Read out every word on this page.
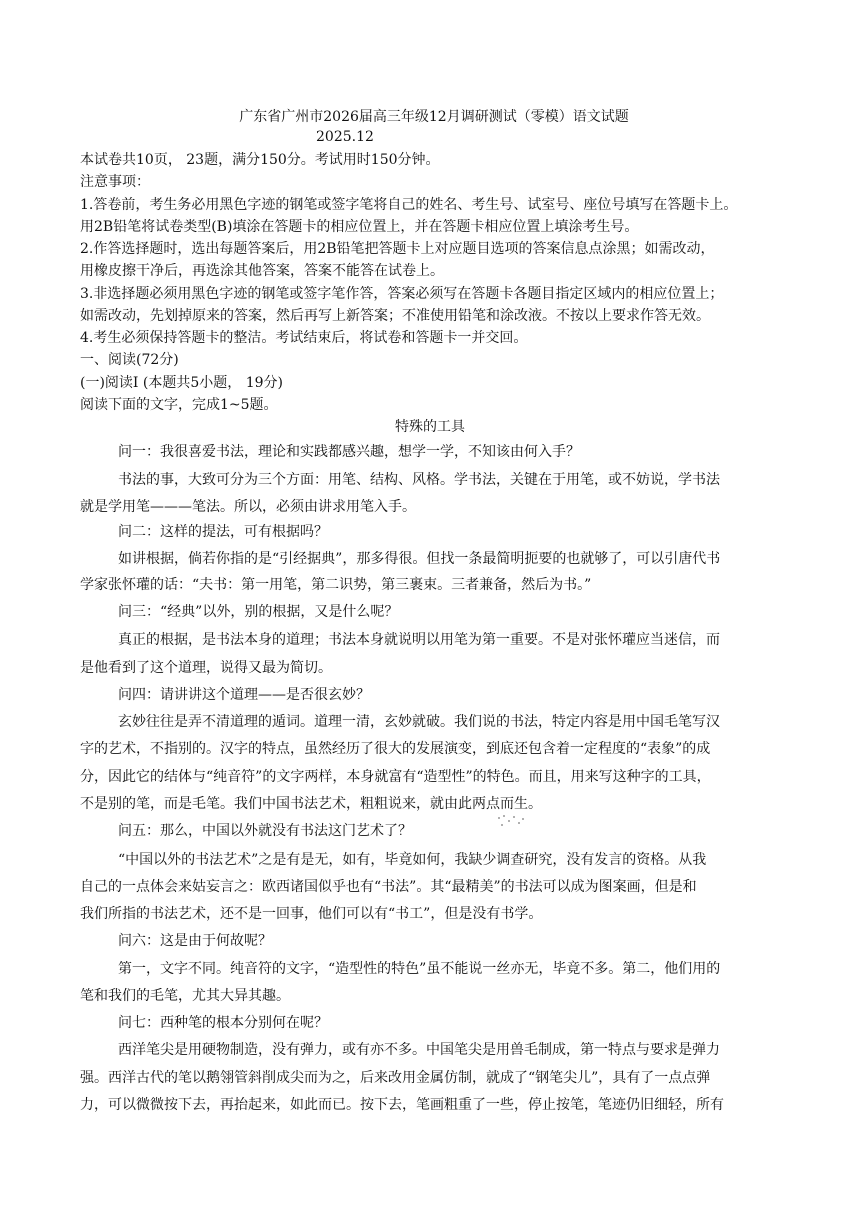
广东省广州市2026届高三年级12月调研测试（零模）语文试题
2025.12
本试卷共10页， 23题，满分150分。考试用时150分钟。
注意事项：
1.答卷前，考生务必用黑色字迹的钢笔或签字笔将自己的姓名、考生号、试室号、座位号填写在答题卡上。
用2B铅笔将试卷类型(B)填涂在答题卡的相应位置上，并在答题卡相应位置上填涂考生号。
2.作答选择题时，选出每题答案后，用2B铅笔把答题卡上对应题目选项的答案信息点涂黑；如需改动，
用橡皮擦干净后，再选涂其他答案，答案不能答在试卷上。
3.非选择题必须用黑色字迹的钢笔或签字笔作答，答案必须写在答题卡各题目指定区域内的相应位置上；
如需改动，先划掉原来的答案，然后再写上新答案；不准使用铅笔和涂改液。不按以上要求作答无效。
4.考生必须保持答题卡的整洁。考试结束后，将试卷和答题卡一并交回。
一、阅读(72分)
(一)阅读Ⅰ (本题共5小题， 19分)
阅读下面的文字，完成1~5题。
特殊的工具
问一：我很喜爱书法，理论和实践都感兴趣，想学一学，不知该由何入手？
书法的事，大致可分为三个方面：用笔、结构、风格。学书法，关键在于用笔，或不妨说，学书法
就是学用笔———笔法。所以，必须由讲求用笔入手。
问二：这样的提法，可有根据吗？
如讲根据，倘若你指的是“引经据典”，那多得很。但找一条最简明扼要的也就够了，可以引唐代书
学家张怀瓘的话：“夫书：第一用笔，第二识势，第三裹束。三者兼备，然后为书。”
问三：“经典”以外，别的根据，又是什么呢？
真正的根据，是书法本身的道理；书法本身就说明以用笔为第一重要。不是对张怀瓘应当迷信，而
是他看到了这个道理，说得又最为简切。
问四：请讲讲这个道理——是否很玄妙？
玄妙往往是弄不清道理的遁词。道理一清，玄妙就破。我们说的书法，特定内容是用中国毛笔写汉
字的艺术，不指别的。汉字的特点，虽然经历了很大的发展演变，到底还包含着一定程度的“表象”的成
分，因此它的结体与“纯音符”的文字两样，本身就富有“造型性”的特色。而且，用来写这种字的工具，
不是别的笔，而是毛笔。我们中国书法艺术，粗粗说来，就由此两点而生。
问五：那么，中国以外就没有书法这门艺术了？
“中国以外的书法艺术”之是有是无，如有，毕竟如何，我缺少调查研究，没有发言的资格。从我
自己的一点体会来姑妄言之：欧西诸国似乎也有“书法”。其“最精美”的书法可以成为图案画，但是和
我们所指的书法艺术，还不是一回事，他们可以有“书工”，但是没有书学。
问六：这是由于何故呢？
第一，文字不同。纯音符的文字，“造型性的特色”虽不能说一丝亦无，毕竟不多。第二，他们用的
笔和我们的毛笔，尤其大异其趣。
问七：西种笔的根本分别何在呢？
西洋笔尖是用硬物制造，没有弹力，或有亦不多。中国笔尖是用兽毛制成，第一特点与要求是弹力
强。西洋古代的笔以鹅翎管斜削成尖而为之，后来改用金属仿制，就成了“钢笔尖儿”，具有了一点点弹
力，可以微微按下去，再抬起来，如此而已。按下去，笔画粗重了一些，停止按笔，笔迹仍旧细轻，所有
